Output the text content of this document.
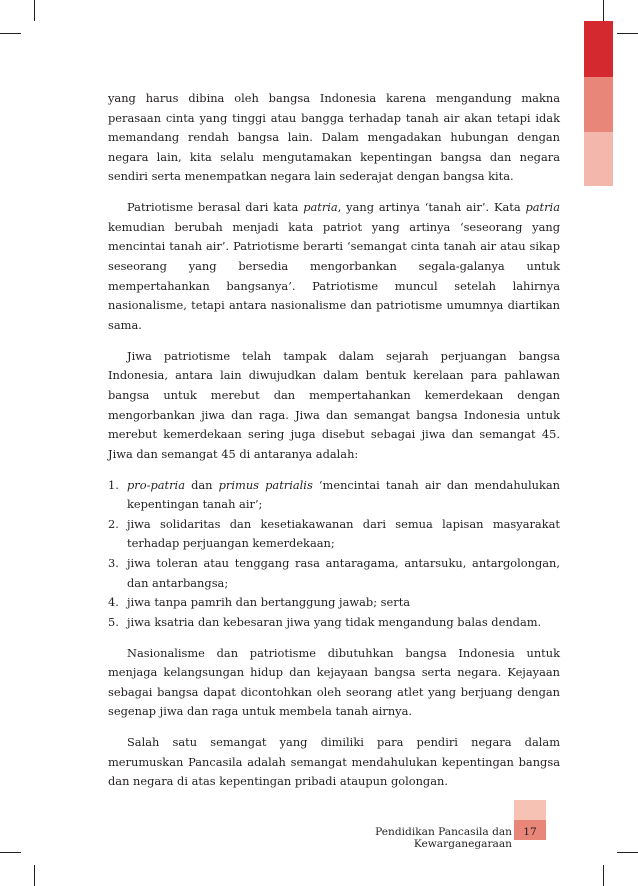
yang harus dibina oleh bangsa Indonesia karena mengandung makna perasaan cinta yang tinggi atau bangga terhadap tanah air akan tetapi idak memandang rendah bangsa lain. Dalam mengadakan hubungan dengan negara lain, kita selalu mengutamakan kepentingan bangsa dan negara sendiri serta menempatkan negara lain sederajat dengan bangsa kita.

Patriotisme berasal dari kata patria, yang artinya ‘tanah air’. Kata patria kemudian berubah menjadi kata patriot yang artinya ‘seseorang yang mencintai tanah air’. Patriotisme berarti ‘semangat cinta tanah air atau sikap seseorang yang bersedia mengorbankan segala-galanya untuk mempertahankan bangsanya’. Patriotisme muncul setelah lahirnya nasionalisme, tetapi antara nasionalisme dan patriotisme umumnya diartikan sama.

Jiwa patriotisme telah tampak dalam sejarah perjuangan bangsa Indonesia, antara lain diwujudkan dalam bentuk kerelaan para pahlawan bangsa untuk merebut dan mempertahankan kemerdekaan dengan mengorbankan jiwa dan raga. Jiwa dan semangat bangsa Indonesia untuk merebut kemerdekaan sering juga disebut sebagai jiwa dan semangat 45. Jiwa dan semangat 45 di antaranya adalah:

1. pro-patria dan primus patrialis ‘mencintai tanah air dan mendahulukan kepentingan tanah air’;
2. jiwa solidaritas dan kesetiakawanan dari semua lapisan masyarakat terhadap perjuangan kemerdekaan;
3. jiwa toleran atau tenggang rasa antaragama, antarsuku, antargolongan, dan antarbangsa;
4. jiwa tanpa pamrih dan bertanggung jawab; serta
5. jiwa ksatria dan kebesaran jiwa yang tidak mengandung balas dendam.

Nasionalisme dan patriotisme dibutuhkan bangsa Indonesia untuk menjaga kelangsungan hidup dan kejayaan bangsa serta negara. Kejayaan sebagai bangsa dapat dicontohkan oleh seorang atlet yang berjuang dengan segenap jiwa dan raga untuk membela tanah airnya.

Salah satu semangat yang dimiliki para pendiri negara dalam merumuskan Pancasila adalah semangat mendahulukan kepentingan bangsa dan negara di atas kepentingan pribadi ataupun golongan.

Pendidikan Pancasila dan Kewarganegaraan
17
